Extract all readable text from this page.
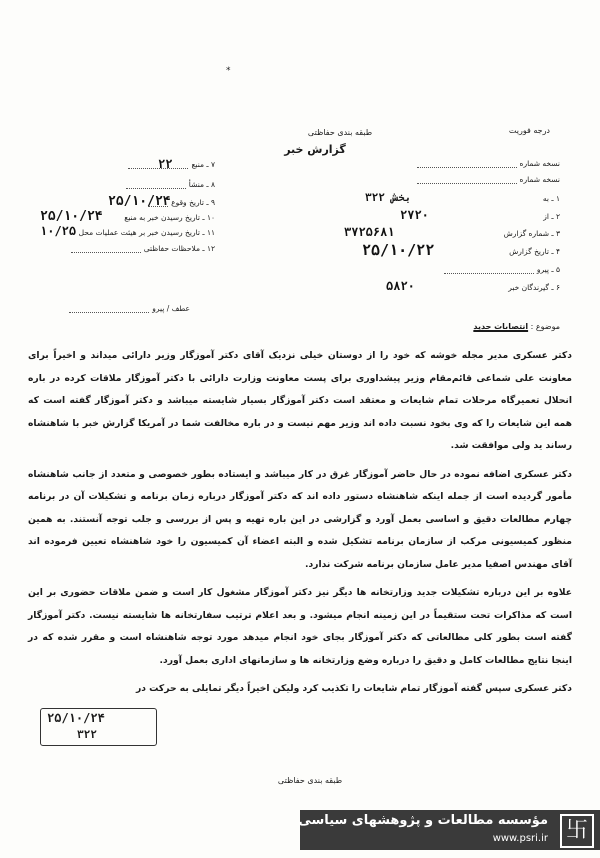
*
طبقه بندی حفاظتی
گزارش خبر
درجه فوریت
۷ ـ منبع
۲۲
۸ ـ منشأ
۹ ـ تاریخ وقوع
۲۵/۱۰/۲۴
۱۰ ـ تاریخ رسیدن خبر به منبع
۲۵/۱۰/۲۴
۱۱ ـ تاریخ رسیدن خبر بر هیئت عملیات محل
۱۰/۲۵
۱۲ ـ ملاحظات حفاظتی
نسخه شماره
نسخه شماره
۱ ـ به
بخش ۳۲۲
۲ ـ از
۲۷۲۰
۳ ـ شماره گزارش
۳۷۲۵۶۸۱
۴ ـ تاریخ گزارش
۲۵/۱۰/۲۲
۵ ـ پیرو
۶ ـ گیرندگان خبر
۵۸۲۰
عطف / پیرو
موضوع : انتصابات جدید

دکتر عسکری مدیر مجله خوشه که خود را از دوستان خیلی نزدیک آقای دکتر آموزگار وزیر دارائی میداند و اخیراً برای معاونت علی شماعی قائم‌مقام وزیر پیشداوری برای پست معاونت وزارت دارائی با دکتر آموزگار ملاقات کرده در باره انحلال تعمیرگاه مرحلات تمام شایعات و معتقد است دکتر آموزگار بسیار شایسته میباشد و دکتر آموزگار گفته است که همه این شایعات را که وی بخود نسبت داده اند وزیر مهم نیست و در باره مخالفت شما در آمریکا گزارش خبر با شاهنشاه رساند ید ولی موافقت شد.

دکتر عسکری اضافه نموده در حال حاضر آموزگار غرق در کار میباشد و ایستاده بطور خصوصی و متعدد از جانب شاهنشاه مأمور گردیده است از جمله اینکه شاهنشاه دستور داده اند که دکتر آموزگار درباره زمان برنامه و تشکیلات آن در برنامه چهارم مطالعات دقیق و اساسی بعمل آورد و گزارشی در این باره تهیه و پس از بررسی و جلب توجه آنستند. به همین منظور کمیسیونی مرکب از سازمان برنامه تشکیل شده و البته اعضاء آن کمیسیون را خود شاهنشاه تعیین فرموده اند آقای مهندس اصفیا مدیر عامل سازمان برنامه شرکت ندارد.

علاوه بر این درباره تشکیلات جدید وزارتخانه ها دیگر نیز دکتر آموزگار مشغول کار است و ضمن ملاقات حضوری بر این است که مذاکرات تحت ستقیماً در این زمینه انجام میشود. و بعد اعلام ترتیب سفارتخانه ها شایسته نیست. دکتر آموزگار گفته است بطور کلی مطالعاتی که دکتر آموزگار بجای خود انجام میدهد مورد توجه شاهنشاه است و مقرر شده که در اینجا نتایج مطالعات کامل و دقیق را درباره وضع وزارتخانه ها و سازمانهای اداری بعمل آورد.

دکتر عسکری سپس گفته آموزگار تمام شایعات را تکذیب کرد ولیکن اخیراً دیگر تمایلی به حرکت در

۲۵/۱۰/۲۴
۳۲۲
طبقه بندی حفاظتی
مؤسسه مطالعات و پژوهشهای سیاسی
www.psri.ir 卐
